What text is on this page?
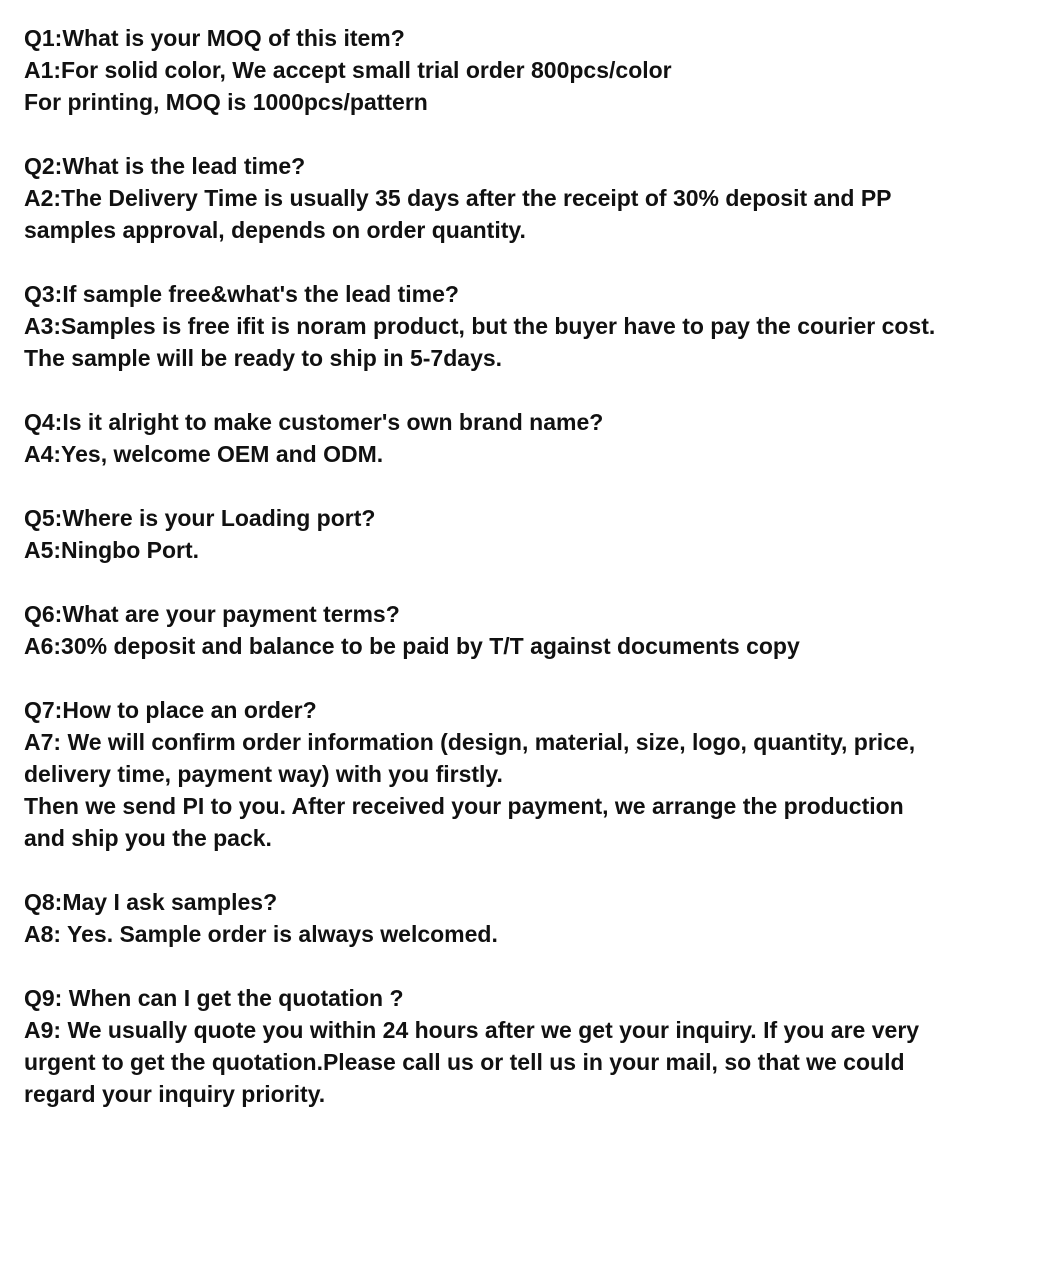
Q1:What is your MOQ of this item?
A1:For solid color, We accept small trial order 800pcs/color
For printing, MOQ is 1000pcs/pattern
Q2:What is the lead time?
A2:The Delivery Time is usually 35 days after the receipt of 30% deposit and PP
samples approval, depends on order quantity.
Q3:If sample free&what's the lead time?
A3:Samples is free ifit is noram product, but the buyer have to pay the courier cost.
The sample will be ready to ship in 5-7days.
Q4:Is it alright to make customer's own brand name?
A4:Yes, welcome OEM and ODM.
Q5:Where is your Loading port?
A5:Ningbo Port.
Q6:What are your payment terms?
A6:30% deposit and balance to be paid by T/T against documents copy
Q7:How to place an order?
A7: We will confirm order information (design, material, size, logo, quantity, price,
delivery time, payment way) with you firstly.
Then we send PI to you. After received your payment, we arrange the production
and ship you the pack.
Q8:May I ask samples?
A8: Yes. Sample order is always welcomed.
Q9: When can I get the quotation ?
A9: We usually quote you within 24 hours after we get your inquiry. If you are very
urgent to get the quotation.Please call us or tell us in your mail, so that we could
regard your inquiry priority.
